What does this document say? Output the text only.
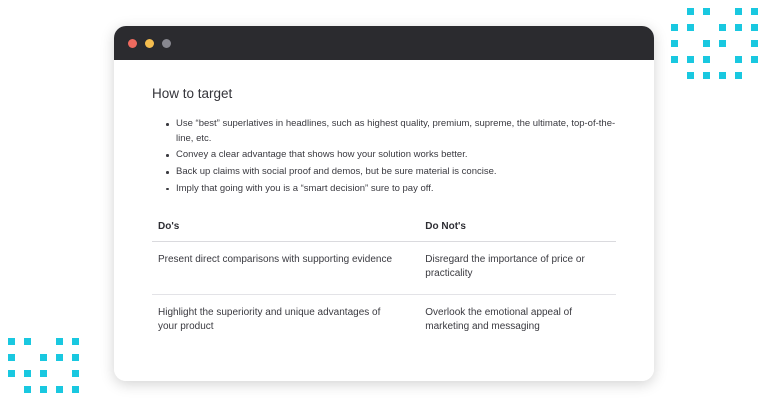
How to target
Use “best” superlatives in headlines, such as highest quality, premium, supreme, the ultimate, top-of-the-line, etc.
Convey a clear advantage that shows how your solution works better.
Back up claims with social proof and demos, but be sure material is concise.
Imply that going with you is a “smart decision” sure to pay off.
Do's	Do Not's
Present direct comparisons with supporting evidence	Disregard the importance of price or practicality
Highlight the superiority and unique advantages of your product	Overlook the emotional appeal of marketing and messaging
